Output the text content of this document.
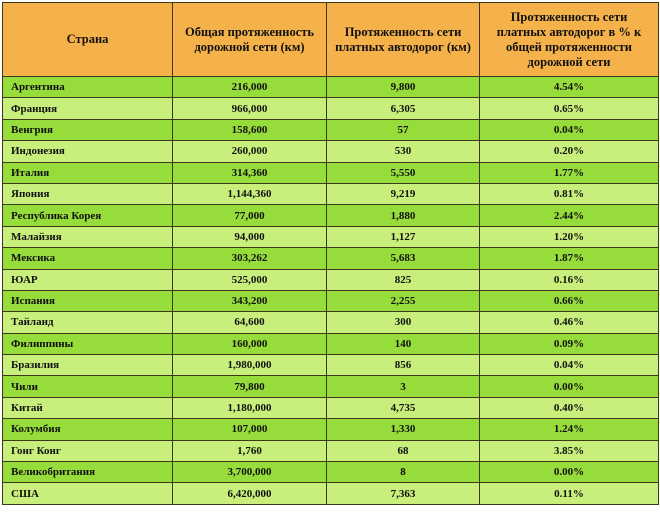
Страна	Общая протяженность дорожной сети (км)	Протяженность сети платных автодорог (км)	Протяженность сети платных автодорог в % к общей протяженности дорожной сети
Аргентина	216,000	9,800	4.54%
Франция	966,000	6,305	0.65%
Венгрия	158,600	57	0.04%
Индонезия	260,000	530	0.20%
Италия	314,360	5,550	1.77%
Япония	1,144,360	9,219	0.81%
Республика Корея	77,000	1,880	2.44%
Малайзия	94,000	1,127	1.20%
Мексика	303,262	5,683	1.87%
ЮАР	525,000	825	0.16%
Испания	343,200	2,255	0.66%
Тайланд	64,600	300	0.46%
Филиппины	160,000	140	0.09%
Бразилия	1,980,000	856	0.04%
Чили	79,800	3	0.00%
Китай	1,180,000	4,735	0.40%
Колумбия	107,000	1,330	1.24%
Гонг Конг	1,760	68	3.85%
Великобритания	3,700,000	8	0.00%
США	6,420,000	7,363	0.11%
